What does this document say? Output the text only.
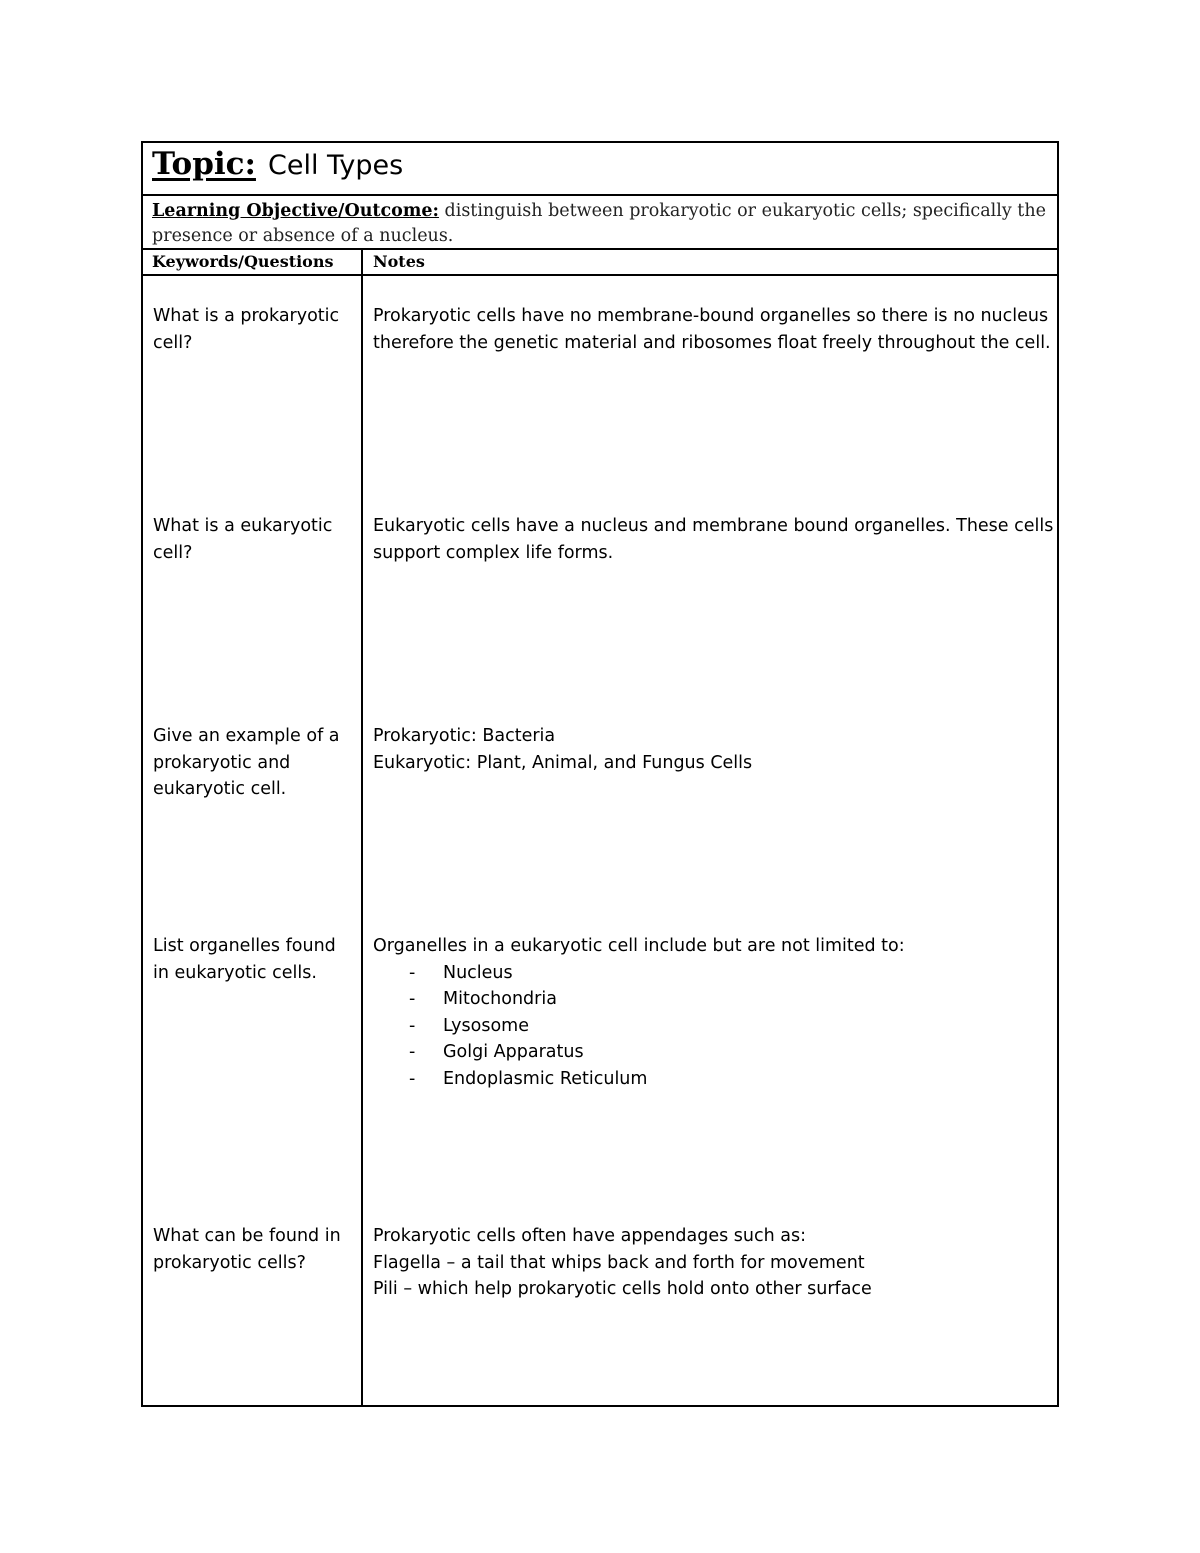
Topic: Cell Types
Learning Objective/Outcome: distinguish between prokaryotic or eukaryotic cells; specifically the presence or absence of a nucleus.
Keywords/Questions Notes
What is a prokaryotic cell?

Prokaryotic cells have no membrane-bound organelles so there is no nucleus therefore the genetic material and ribosomes float freely throughout the cell.

What is a eukaryotic cell?

Eukaryotic cells have a nucleus and membrane bound organelles. These cells support complex life forms.

Give an example of a prokaryotic and eukaryotic cell.

Prokaryotic: Bacteria

Eukaryotic: Plant, Animal, and Fungus Cells

List organelles found in eukaryotic cells.

Organelles in a eukaryotic cell include but are not limited to:

- Nucleus
- Mitochondria
- Lysosome
- Golgi Apparatus
- Endoplasmic Reticulum
What can be found in prokaryotic cells?

Prokaryotic cells often have appendages such as:

Flagella – a tail that whips back and forth for movement

Pili – which help prokaryotic cells hold onto other surface
